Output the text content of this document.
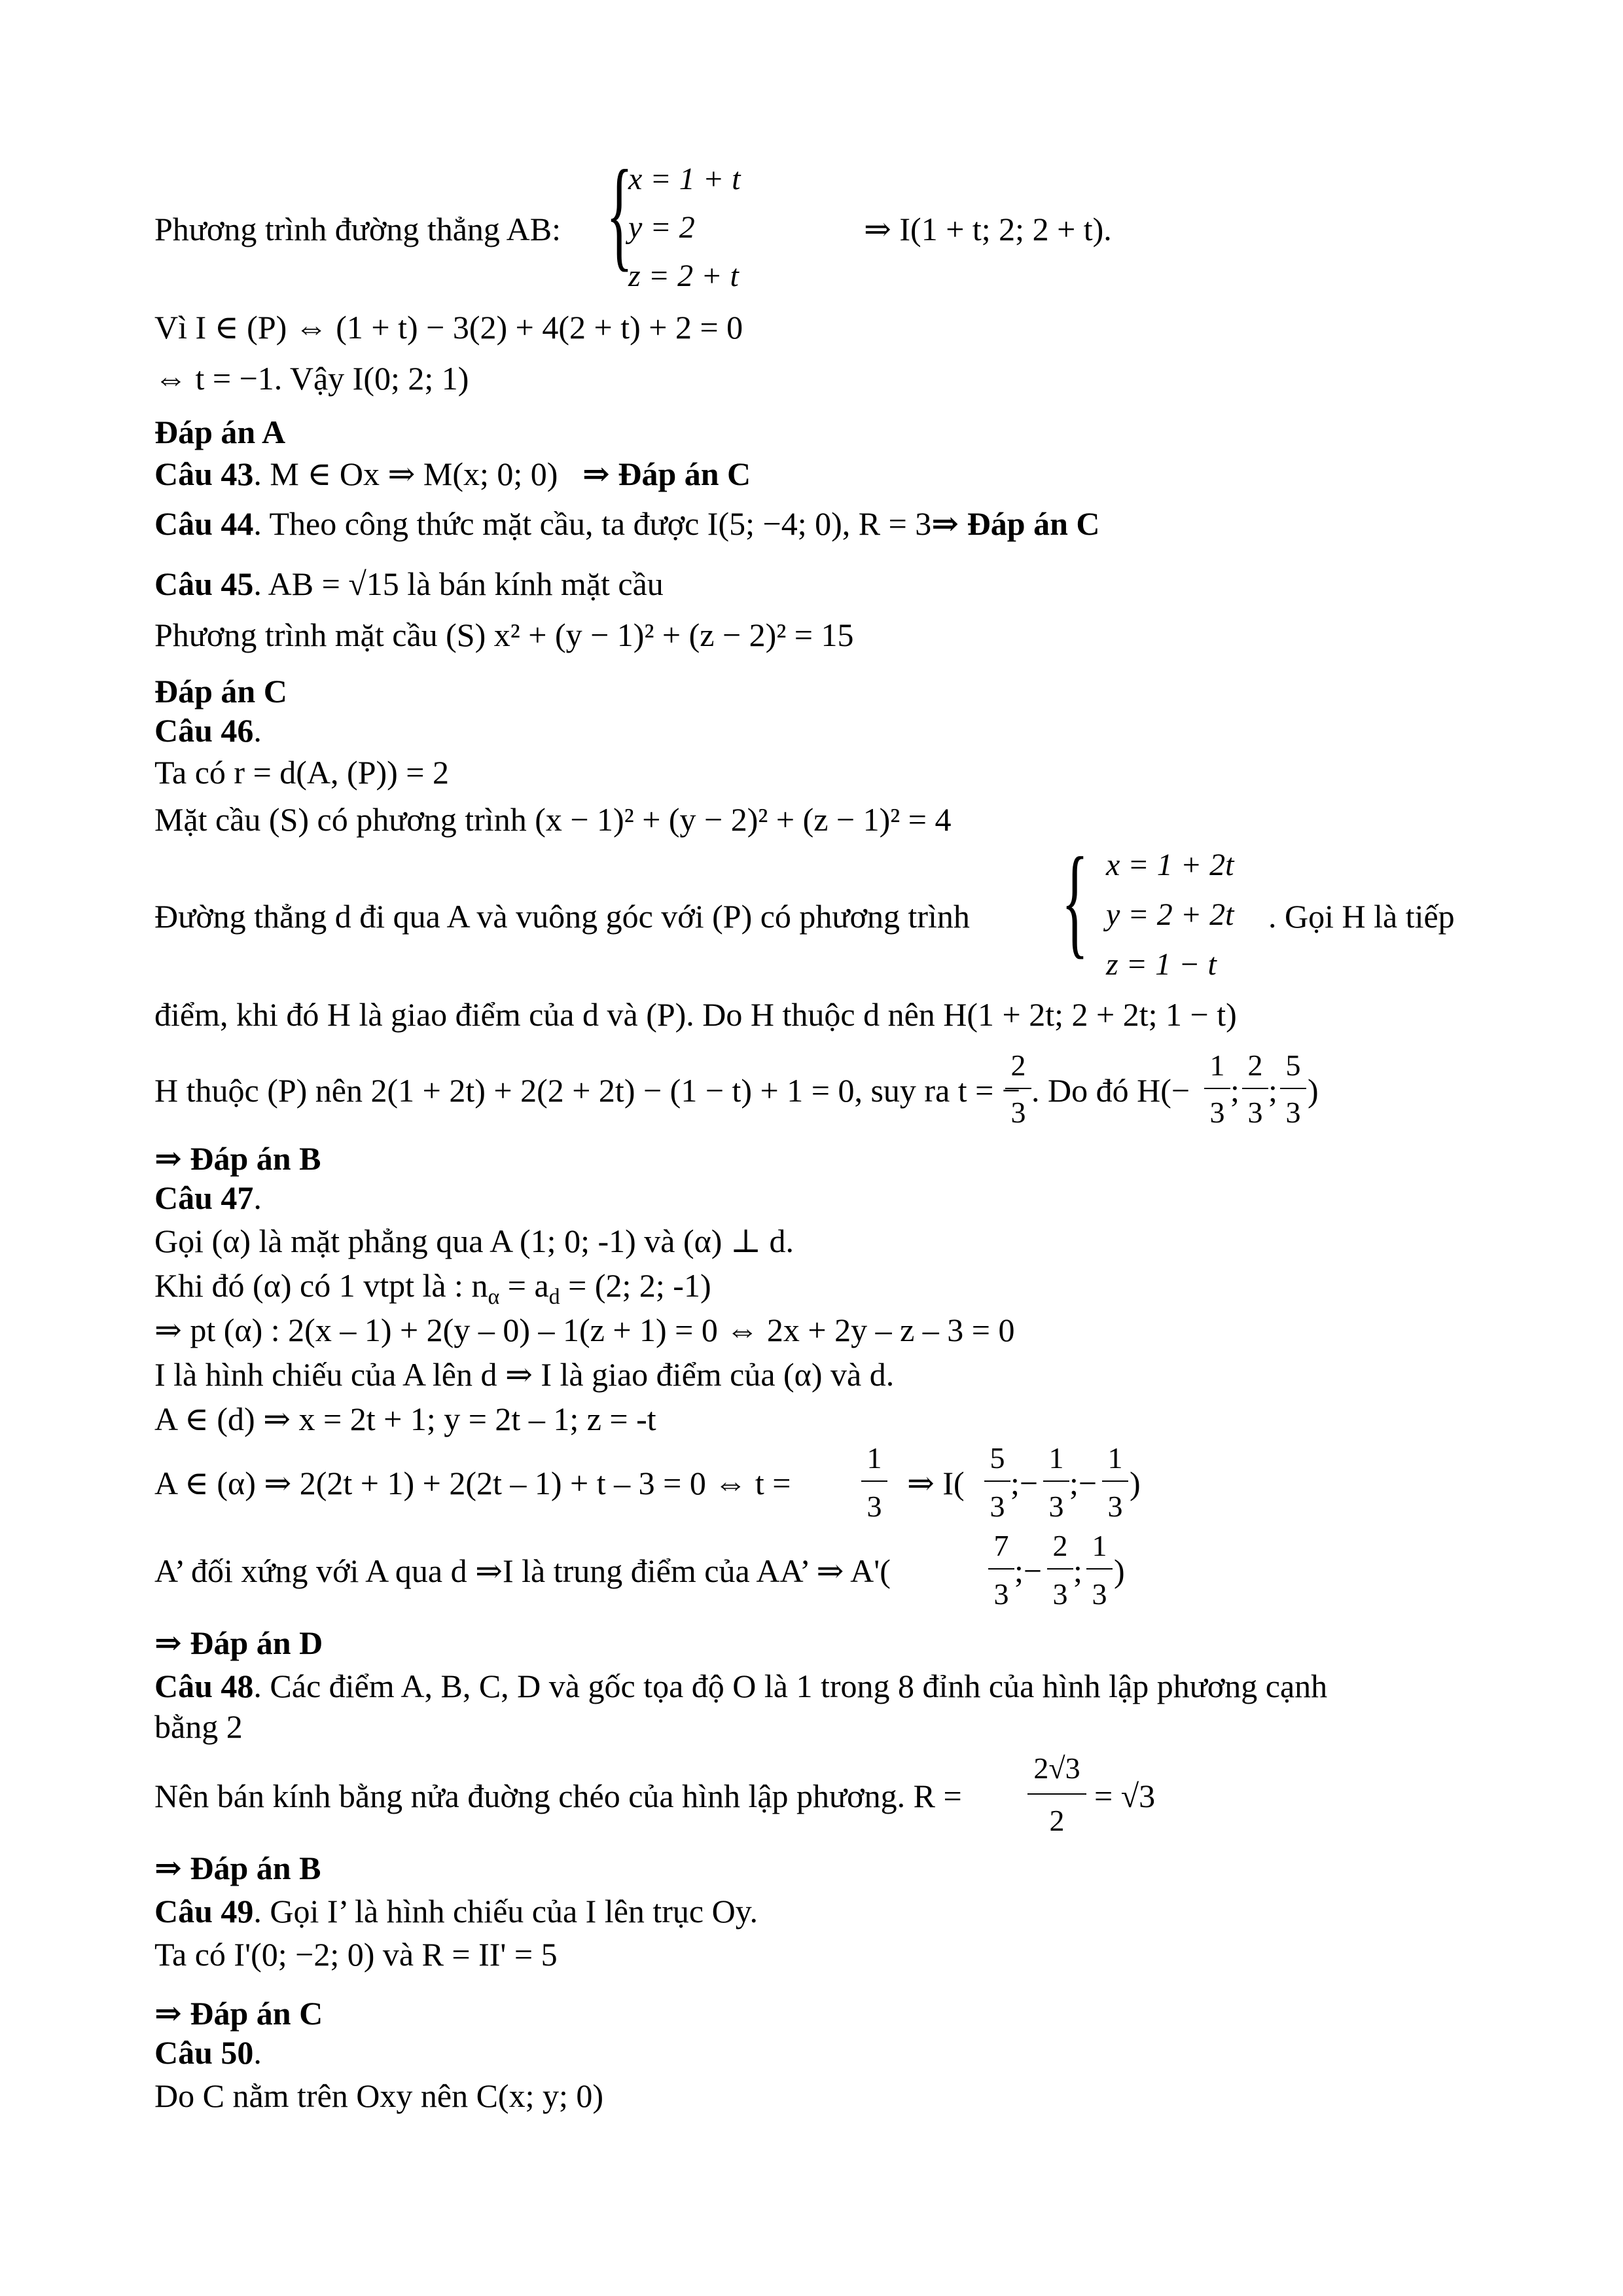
Phương trình đường thẳng AB: {
x = 1 + t
y = 2
z = 2 + t
⇒ I(1 + t; 2; 2 + t).
Vì I ∈ (P) ⇔ (1 + t) − 3(2) + 4(2 + t) + 2 = 0
⇔ t = −1. Vậy I(0; 2; 1)
Đáp án A
Câu 43. M ∈ Ox ⇒ M(x; 0; 0) ⇒ Đáp án C
Câu 44. Theo công thức mặt cầu, ta được I(5; −4; 0), R = 3⇒ Đáp án C
Câu 45. AB = √15 là bán kính mặt cầu
Phương trình mặt cầu (S) x² + (y − 1)² + (z − 2)² = 15
Đáp án C
Câu 46.
Ta có r = d(A, (P)) = 2
Mặt cầu (S) có phương trình (x − 1)² + (y − 2)² + (z − 1)² = 4
Đường thẳng d đi qua A và vuông góc với (P) có phương trình { x = 1 + 2t
y = 2 + 2t
z = 1 − t
. Gọi H là tiếp
điểm, khi đó H là giao điểm của d và (P). Do H thuộc d nên H(1 + 2t; 2 + 2t; 1 − t)
H thuộc (P) nên 2(1 + 2t) + 2(2 + 2t) − (1 − t) + 1 = 0, suy ra t = −
2
3
. Do đó H(−
1
3
;
2
3
;
5
3
)
⇒ Đáp án B
Câu 47.
Gọi (α) là mặt phẳng qua A (1; 0; -1) và (α) ⊥ d.
Khi đó (α) có 1 vtpt là : $n_\alpha = a_d = (2$; 2; -1)
⇒ pt (α) : 2(x – 1) + 2(y – 0) – 1(z + 1) = 0 ⇔ 2x + 2y – z – 3 = 0
I là hình chiếu của A lên d ⇒ I là giao điểm của (α) và d.
A ∈ (d) ⇒ x = 2t + 1; y = 2t – 1; z = -t
A ∈ (α) ⇒ 2(2t + 1) + 2(2t – 1) + t – 3 = 0 ⇔ t =
1
3
⇒ I(
5
3
;−
1
3
;−
1
3
)
A’ đối xứng với A qua d ⇒I là trung điểm của AA’ ⇒ A'(
7
3
;−
2
3
;
1
3
)
⇒ Đáp án D
Câu 48. Các điểm A, B, C, D và gốc tọa độ O là 1 trong 8 đỉnh của hình lập phương cạnh
bằng 2
Nên bán kính bằng nửa đuờng chéo của hình lập phương. R =
2√3
2
= √3
⇒ Đáp án B
Câu 49. Gọi I’ là hình chiếu của I lên trục Oy.
Ta có I'(0; −2; 0) và R = II' = 5
⇒ Đáp án C
Câu 50.
Do C nằm trên Oxy nên C(x; y; 0)
